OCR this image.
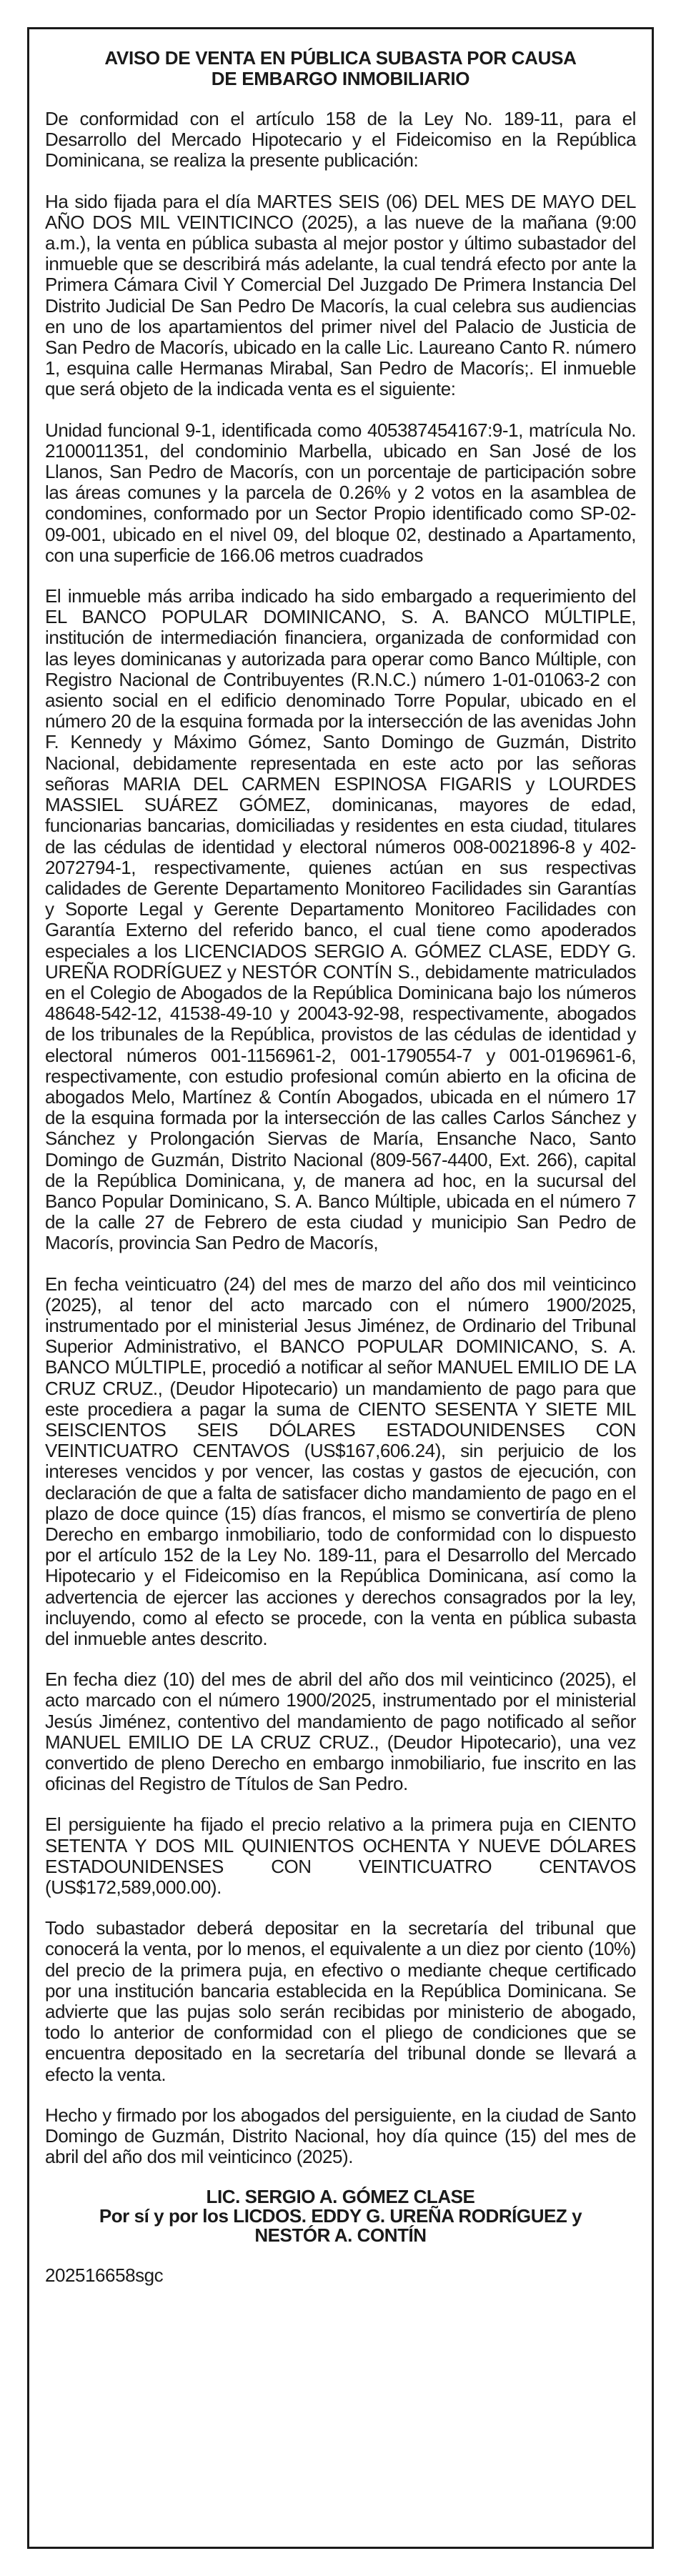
AVISO DE VENTA EN PÚBLICA SUBASTA POR CAUSA
DE EMBARGO INMOBILIARIO

De conformidad con el artículo 158 de la Ley No. 189-11, para el Desarrollo del Mercado Hipotecario y el Fideicomiso en la República Dominicana, se realiza la presente publicación:

Ha sido fijada para el día MARTES SEIS (06) DEL MES DE MAYO DEL AÑO DOS MIL VEINTICINCO (2025), a las nueve de la mañana (9:00 a.m.), la venta en pública subasta al mejor postor y último subastador del inmueble que se describirá más adelante, la cual tendrá efecto por ante la Primera Cámara Civil Y Comercial Del Juzgado De Primera Instancia Del Distrito Judicial De San Pedro De Macorís, la cual celebra sus audiencias en uno de los apartamientos del primer nivel del Palacio de Justicia de San Pedro de Macorís, ubicado en la calle Lic. Laureano Canto R. número 1, esquina calle Hermanas Mirabal, San Pedro de Macorís;. El inmueble que será objeto de la indicada venta es el siguiente:

Unidad funcional 9-1, identificada como 405387454167:9-1, matrícula No. 2100011351, del condominio Marbella, ubicado en San José de los Llanos, San Pedro de Macorís, con un porcentaje de participación sobre las áreas comunes y la parcela de 0.26% y 2 votos en la asamblea de condomines, conformado por un Sector Propio identificado como SP-02-09-001, ubicado en el nivel 09, del bloque 02, destinado a Apartamento, con una superficie de 166.06 metros cuadrados

El inmueble más arriba indicado ha sido embargado a requerimiento del EL BANCO POPULAR DOMINICANO, S. A. BANCO MÚLTIPLE, institución de intermediación financiera, organizada de conformidad con las leyes dominicanas y autorizada para operar como Banco Múltiple, con Registro Nacional de Contribuyentes (R.N.C.) número 1-01-01063-2 con asiento social en el edificio denominado Torre Popular, ubicado en el número 20 de la esquina formada por la intersección de las avenidas John F. Kennedy y Máximo Gómez, Santo Domingo de Guzmán, Distrito Nacional, debidamente representada en este acto por las señoras señoras MARIA DEL CARMEN ESPINOSA FIGARIS y LOURDES MASSIEL SUÁREZ GÓMEZ, dominicanas, mayores de edad, funcionarias bancarias, domiciliadas y residentes en esta ciudad, titulares de las cédulas de identidad y electoral números 008-0021896-8 y 402-2072794-1, respectivamente, quienes actúan en sus respectivas calidades de Gerente Departamento Monitoreo Facilidades sin Garantías y Soporte Legal y Gerente Departamento Monitoreo Facilidades con Garantía Externo del referido banco, el cual tiene como apoderados especiales a los LICENCIADOS SERGIO A. GÓMEZ CLASE, EDDY G. UREÑA RODRÍGUEZ y NESTÓR CONTÍN S., debidamente matriculados en el Colegio de Abogados de la República Dominicana bajo los números 48648-542-12, 41538-49-10 y 20043-92-98, respectivamente, abogados de los tribunales de la República, provistos de las cédulas de identidad y electoral números 001-1156961-2, 001-1790554-7 y 001-0196961-6, respectivamente, con estudio profesional común abierto en la oficina de abogados Melo, Martínez & Contín Abogados, ubicada en el número 17 de la esquina formada por la intersección de las calles Carlos Sánchez y Sánchez y Prolongación Siervas de María, Ensanche Naco, Santo Domingo de Guzmán, Distrito Nacional (809-567-4400, Ext. 266), capital de la República Dominicana, y, de manera ad hoc, en la sucursal del Banco Popular Dominicano, S. A. Banco Múltiple, ubicada en el número 7 de la calle 27 de Febrero de esta ciudad y municipio San Pedro de Macorís, provincia San Pedro de Macorís,

En fecha veinticuatro (24) del mes de marzo del año dos mil veinticinco (2025), al tenor del acto marcado con el número 1900/2025, instrumentado por el ministerial Jesus Jiménez, de Ordinario del Tribunal Superior Administrativo, el BANCO POPULAR DOMINICANO, S. A. BANCO MÚLTIPLE, procedió a notificar al señor MANUEL EMILIO DE LA CRUZ CRUZ., (Deudor Hipotecario) un mandamiento de pago para que este procediera a pagar la suma de CIENTO SESENTA Y SIETE MIL SEISCIENTOS SEIS DÓLARES ESTADOUNIDENSES CON VEINTICUATRO CENTAVOS (US$167,606.24), sin perjuicio de los intereses vencidos y por vencer, las costas y gastos de ejecución, con declaración de que a falta de satisfacer dicho mandamiento de pago en el plazo de doce quince (15) días francos, el mismo se convertiría de pleno Derecho en embargo inmobiliario, todo de conformidad con lo dispuesto por el artículo 152 de la Ley No. 189-11, para el Desarrollo del Mercado Hipotecario y el Fideicomiso en la República Dominicana, así como la advertencia de ejercer las acciones y derechos consagrados por la ley, incluyendo, como al efecto se procede, con la venta en pública subasta del inmueble antes descrito.

En fecha diez (10) del mes de abril del año dos mil veinticinco (2025), el acto marcado con el número 1900/2025, instrumentado por el ministerial Jesús Jiménez, contentivo del mandamiento de pago notificado al señor MANUEL EMILIO DE LA CRUZ CRUZ., (Deudor Hipotecario), una vez convertido de pleno Derecho en embargo inmobiliario, fue inscrito en las oficinas del Registro de Títulos de San Pedro.

El persiguiente ha fijado el precio relativo a la primera puja en CIENTO SETENTA Y DOS MIL QUINIENTOS OCHENTA Y NUEVE DÓLARES ESTADOUNIDENSES CON VEINTICUATRO CENTAVOS (US$172,589,000.00).

Todo subastador deberá depositar en la secretaría del tribunal que conocerá la venta, por lo menos, el equivalente a un diez por ciento (10%) del precio de la primera puja, en efectivo o mediante cheque certificado por una institución bancaria establecida en la República Dominicana. Se advierte que las pujas solo serán recibidas por ministerio de abogado, todo lo anterior de conformidad con el pliego de condiciones que se encuentra depositado en la secretaría del tribunal donde se llevará a efecto la venta.

Hecho y firmado por los abogados del persiguiente, en la ciudad de Santo Domingo de Guzmán, Distrito Nacional, hoy día quince (15) del mes de abril del año dos mil veinticinco (2025).

LIC. SERGIO A. GÓMEZ CLASE
Por sí y por los LICDOS. EDDY G. UREÑA RODRÍGUEZ y
NESTÓR A. CONTÍN

202516658sgc
